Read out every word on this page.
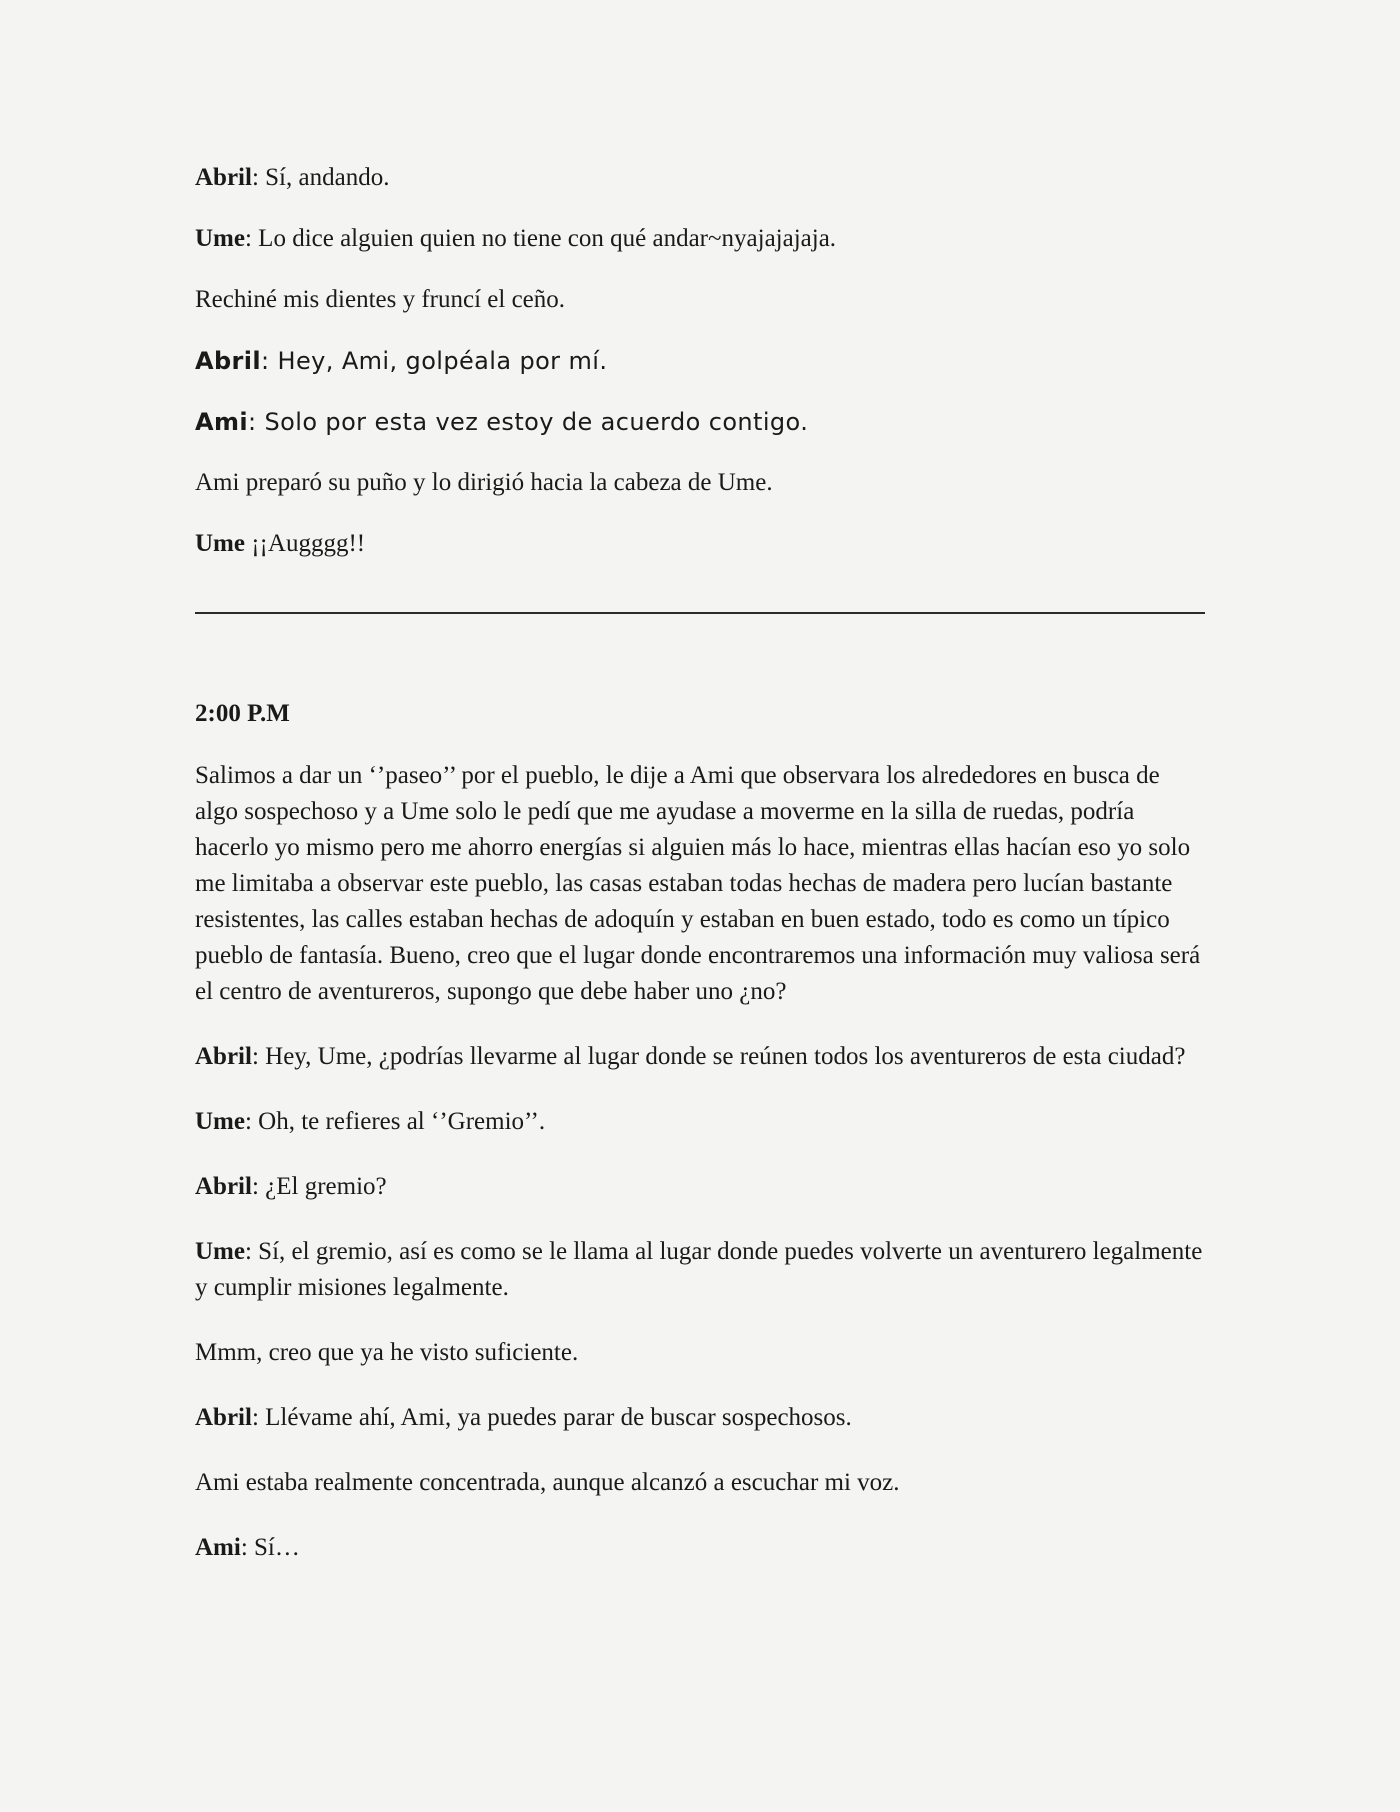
Abril: Sí, andando.

Ume: Lo dice alguien quien no tiene con qué andar~nyajajajaja.

Rechiné mis dientes y fruncí el ceño.

Abril: Hey, Ami, golpéala por mí.

Ami: Solo por esta vez estoy de acuerdo contigo.

Ami preparó su puño y lo dirigió hacia la cabeza de Ume.

Ume ¡¡Augggg!!

2:00 P.M

Salimos a dar un ‘’paseo’’ por el pueblo, le dije a Ami que observara los alrededores en busca de algo sospechoso y a Ume solo le pedí que me ayudase a moverme en la silla de ruedas, podría hacerlo yo mismo pero me ahorro energías si alguien más lo hace, mientras ellas hacían eso yo solo me limitaba a observar este pueblo, las casas estaban todas hechas de madera pero lucían bastante resistentes, las calles estaban hechas de adoquín y estaban en buen estado, todo es como un típico pueblo de fantasía. Bueno, creo que el lugar donde encontraremos una información muy valiosa será el centro de aventureros, supongo que debe haber uno ¿no?

Abril: Hey, Ume, ¿podrías llevarme al lugar donde se reúnen todos los aventureros de esta ciudad?

Ume: Oh, te refieres al ‘’Gremio’’.

Abril: ¿El gremio?

Ume: Sí, el gremio, así es como se le llama al lugar donde puedes volverte un aventurero legalmente y cumplir misiones legalmente.

Mmm, creo que ya he visto suficiente.

Abril: Llévame ahí, Ami, ya puedes parar de buscar sospechosos.

Ami estaba realmente concentrada, aunque alcanzó a escuchar mi voz.

Ami: Sí…
